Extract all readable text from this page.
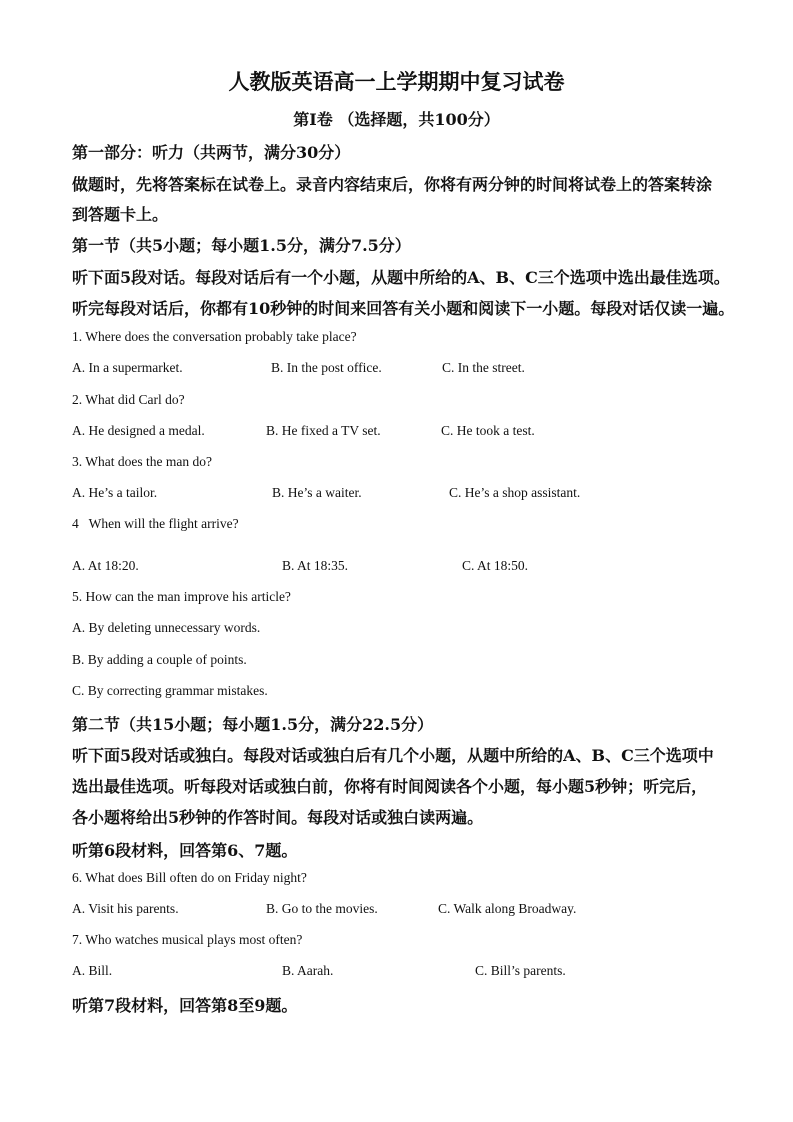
人教版英语高一上学期期中复习试卷
第Ⅰ卷 （选择题，共100分）
第一部分：听力（共两节，满分30分）
做题时，先将答案标在试卷上。录音内容结束后，你将有两分钟的时间将试卷上的答案转涂
到答题卡上。
第一节（共5小题；每小题1.5分，满分7.5分）
听下面5段对话。每段对话后有一个小题，从题中所给的A、B、C三个选项中选出最佳选项。
听完每段对话后，你都有10秒钟的时间来回答有关小题和阅读下一小题。每段对话仅读一遍。
1. Where does the conversation probably take place?
A. In a supermarket.	B. In the post office.	C. In the street.
2. What did Carl do?
A. He designed a medal.	B. He fixed a TV set.	C. He took a test.
3. What does the man do?
A. He’s a tailor.	B. He’s a waiter.	C. He’s a shop assistant.
4   When will the flight arrive?
A. At 18:20.	B. At 18:35.	C. At 18:50.
5. How can the man improve his article?
A. By deleting unnecessary words.
B. By adding a couple of points.
C. By correcting grammar mistakes.
第二节（共15小题；每小题1.5分，满分22.5分）
听下面5段对话或独白。每段对话或独白后有几个小题，从题中所给的A、B、C三个选项中
选出最佳选项。听每段对话或独白前，你将有时间阅读各个小题，每小题5秒钟；听完后，
各小题将给出5秒钟的作答时间。每段对话或独白读两遍。
听第6段材料，回答第6、7题。
6. What does Bill often do on Friday night?
A. Visit his parents.	B. Go to the movies.	C. Walk along Broadway.
7. Who watches musical plays most often?
A. Bill.	B. Aarah.	C. Bill’s parents.
听第7段材料，回答第8至9题。
